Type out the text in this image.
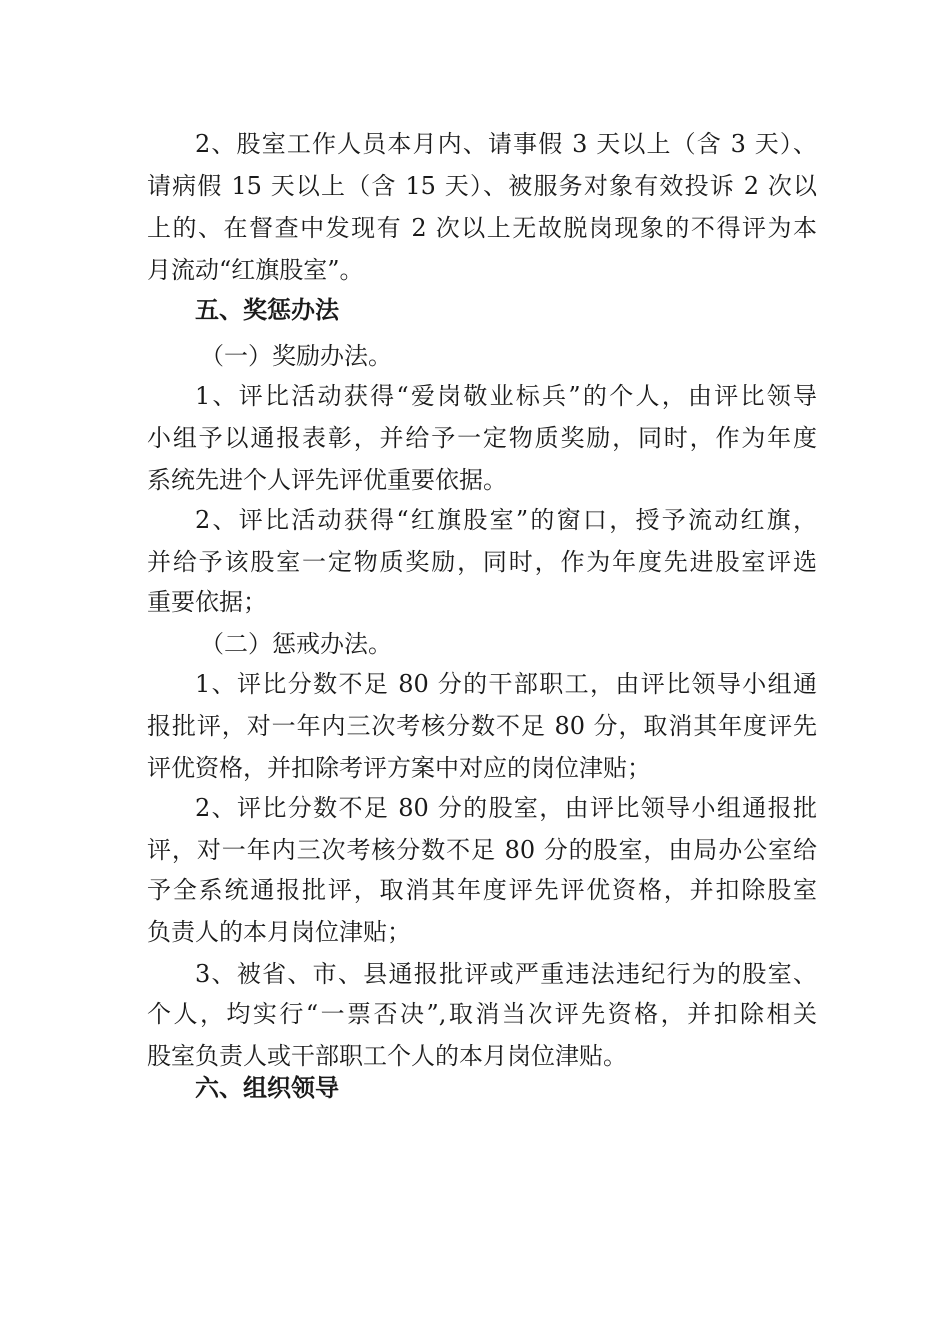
2、股室工作人员本月内、请事假 3 天以上（含 3 天）、
请病假 15 天以上（含 15 天）、被服务对象有效投诉 2 次以
上的、在督查中发现有 2 次以上无故脱岗现象的不得评为本
月流动“红旗股室”。
五、奖惩办法
（一）奖励办法。
1、评比活动获得“爱岗敬业标兵”的个人，由评比领导
小组予以通报表彰，并给予一定物质奖励，同时，作为年度
系统先进个人评先评优重要依据。
2、评比活动获得“红旗股室”的窗口，授予流动红旗，
并给予该股室一定物质奖励，同时，作为年度先进股室评选
重要依据；
（二）惩戒办法。
1、评比分数不足 80 分的干部职工，由评比领导小组通
报批评，对一年内三次考核分数不足 80 分，取消其年度评先
评优资格，并扣除考评方案中对应的岗位津贴；
2、评比分数不足 80 分的股室，由评比领导小组通报批
评，对一年内三次考核分数不足 80 分的股室，由局办公室给
予全系统通报批评，取消其年度评先评优资格，并扣除股室
负责人的本月岗位津贴；
3、被省、市、县通报批评或严重违法违纪行为的股室、
个人，均实行“一票否决”,取消当次评先资格，并扣除相关
股室负责人或干部职工个人的本月岗位津贴。
六、组织领导
